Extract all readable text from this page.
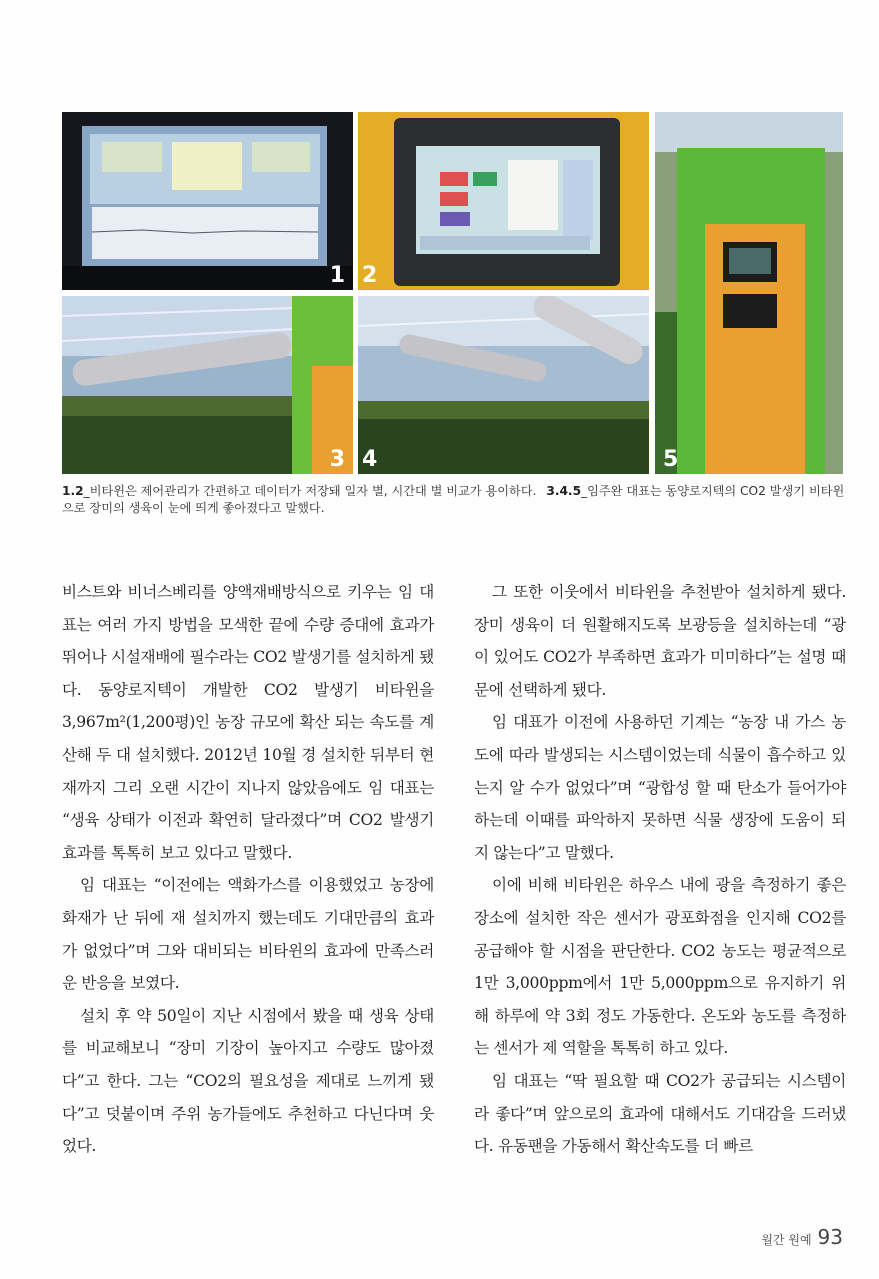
1 2
3 4	5
1.2_비타윈은 제어관리가 간편하고 데이터가 저장돼 일자 별, 시간대 별 비교가 용이하다. 3.4.5_임주완 대표는 동양로지텍의 CO2 발생기 비타윈으로 장미의 생육이 눈에 띄게 좋아졌다고 말했다.

비스트와 비너스베리를 양액재배방식으로 키우는 임 대표는 여러 가지 방법을 모색한 끝에 수량 증대에 효과가 뛰어나 시설재배에 필수라는 CO2 발생기를 설치하게 됐다. 동양로지텍이 개발한 CO2 발생기 비타윈을 3,967m²(1,200평)인 농장 규모에 확산 되는 속도를 계산해 두 대 설치했다. 2012년 10월 경 설치한 뒤부터 현재까지 그리 오랜 시간이 지나지 않았음에도 임 대표는 “생육 상태가 이전과 확연히 달라졌다”며 CO2 발생기 효과를 톡톡히 보고 있다고 말했다.

임 대표는 “이전에는 액화가스를 이용했었고 농장에 화재가 난 뒤에 재 설치까지 했는데도 기대만큼의 효과가 없었다”며 그와 대비되는 비타윈의 효과에 만족스러운 반응을 보였다.

설치 후 약 50일이 지난 시점에서 봤을 때 생육 상태를 비교해보니 “장미 기장이 높아지고 수량도 많아졌다”고 한다. 그는 “CO2의 필요성을 제대로 느끼게 됐다”고 덧붙이며 주위 농가들에도 추천하고 다닌다며 웃었다.

그 또한 이웃에서 비타윈을 추천받아 설치하게 됐다. 장미 생육이 더 원활해지도록 보광등을 설치하는데 “광이 있어도 CO2가 부족하면 효과가 미미하다”는 설명 때문에 선택하게 됐다.

임 대표가 이전에 사용하던 기계는 “농장 내 가스 농도에 따라 발생되는 시스템이었는데 식물이 흡수하고 있는지 알 수가 없었다”며 “광합성 할 때 탄소가 들어가야 하는데 이때를 파악하지 못하면 식물 생장에 도움이 되지 않는다”고 말했다.

이에 비해 비타윈은 하우스 내에 광을 측정하기 좋은 장소에 설치한 작은 센서가 광포화점을 인지해 CO2를 공급해야 할 시점을 판단한다. CO2 농도는 평균적으로 1만 3,000ppm에서 1만 5,000ppm으로 유지하기 위해 하루에 약 3회 정도 가동한다. 온도와 농도를 측정하는 센서가 제 역할을 톡톡히 하고 있다.

임 대표는 “딱 필요할 때 CO2가 공급되는 시스템이라 좋다”며 앞으로의 효과에 대해서도 기대감을 드러냈다. 유동팬을 가동해서 확산속도를 더 빠르

월간 원예 93
